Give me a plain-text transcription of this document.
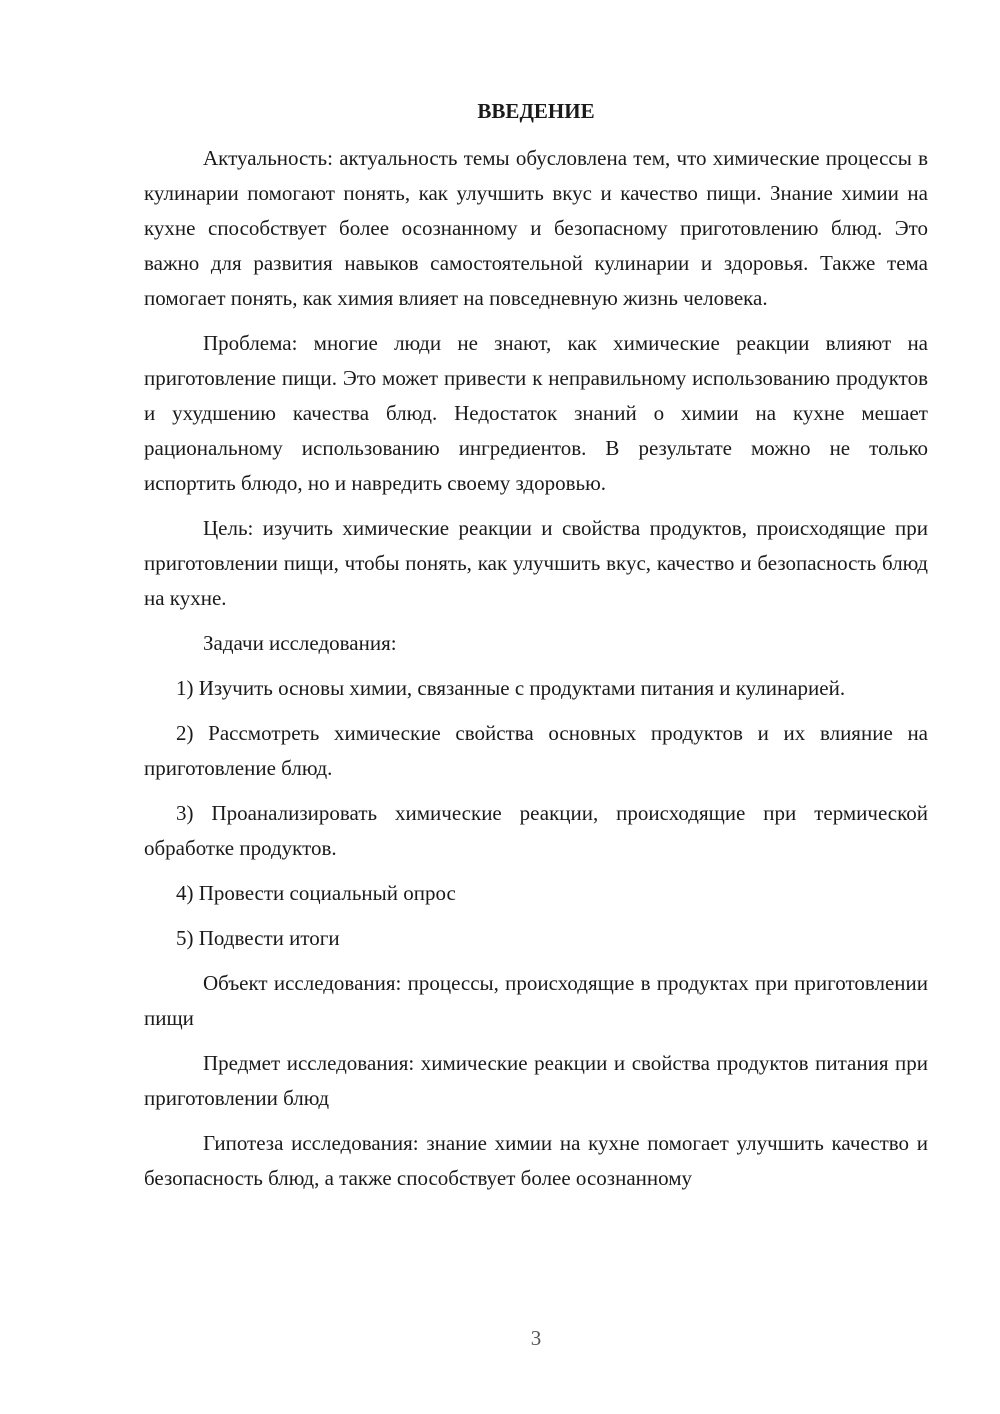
ВВЕДЕНИЕ

Актуальность: актуальность темы обусловлена тем, что химические процессы в кулинарии помогают понять, как улучшить вкус и качество пищи. Знание химии на кухне способствует более осознанному и безопасному приготовлению блюд. Это важно для развития навыков самостоятельной кулинарии и здоровья. Также тема помогает понять, как химия влияет на повседневную жизнь человека.

Проблема: многие люди не знают, как химические реакции влияют на приготовление пищи. Это может привести к неправильному использованию продуктов и ухудшению качества блюд. Недостаток знаний о химии на кухне мешает рациональному использованию ингредиентов. В результате можно не только испортить блюдо, но и навредить своему здоровью.

Цель: изучить химические реакции и свойства продуктов, происходящие при приготовлении пищи, чтобы понять, как улучшить вкус, качество и безопасность блюд на кухне.

Задачи исследования:

1) Изучить основы химии, связанные с продуктами питания и кулинарией.

2) Рассмотреть химические свойства основных продуктов и их влияние на приготовление блюд.

3) Проанализировать химические реакции, происходящие при термической обработке продуктов.

4) Провести социальный опрос

5) Подвести итоги

Объект исследования: процессы, происходящие в продуктах при приготовлении пищи

Предмет исследования: химические реакции и свойства продуктов питания при приготовлении блюд

Гипотеза исследования: знание химии на кухне помогает улучшить качество и безопасность блюд, а также способствует более осознанному

3
